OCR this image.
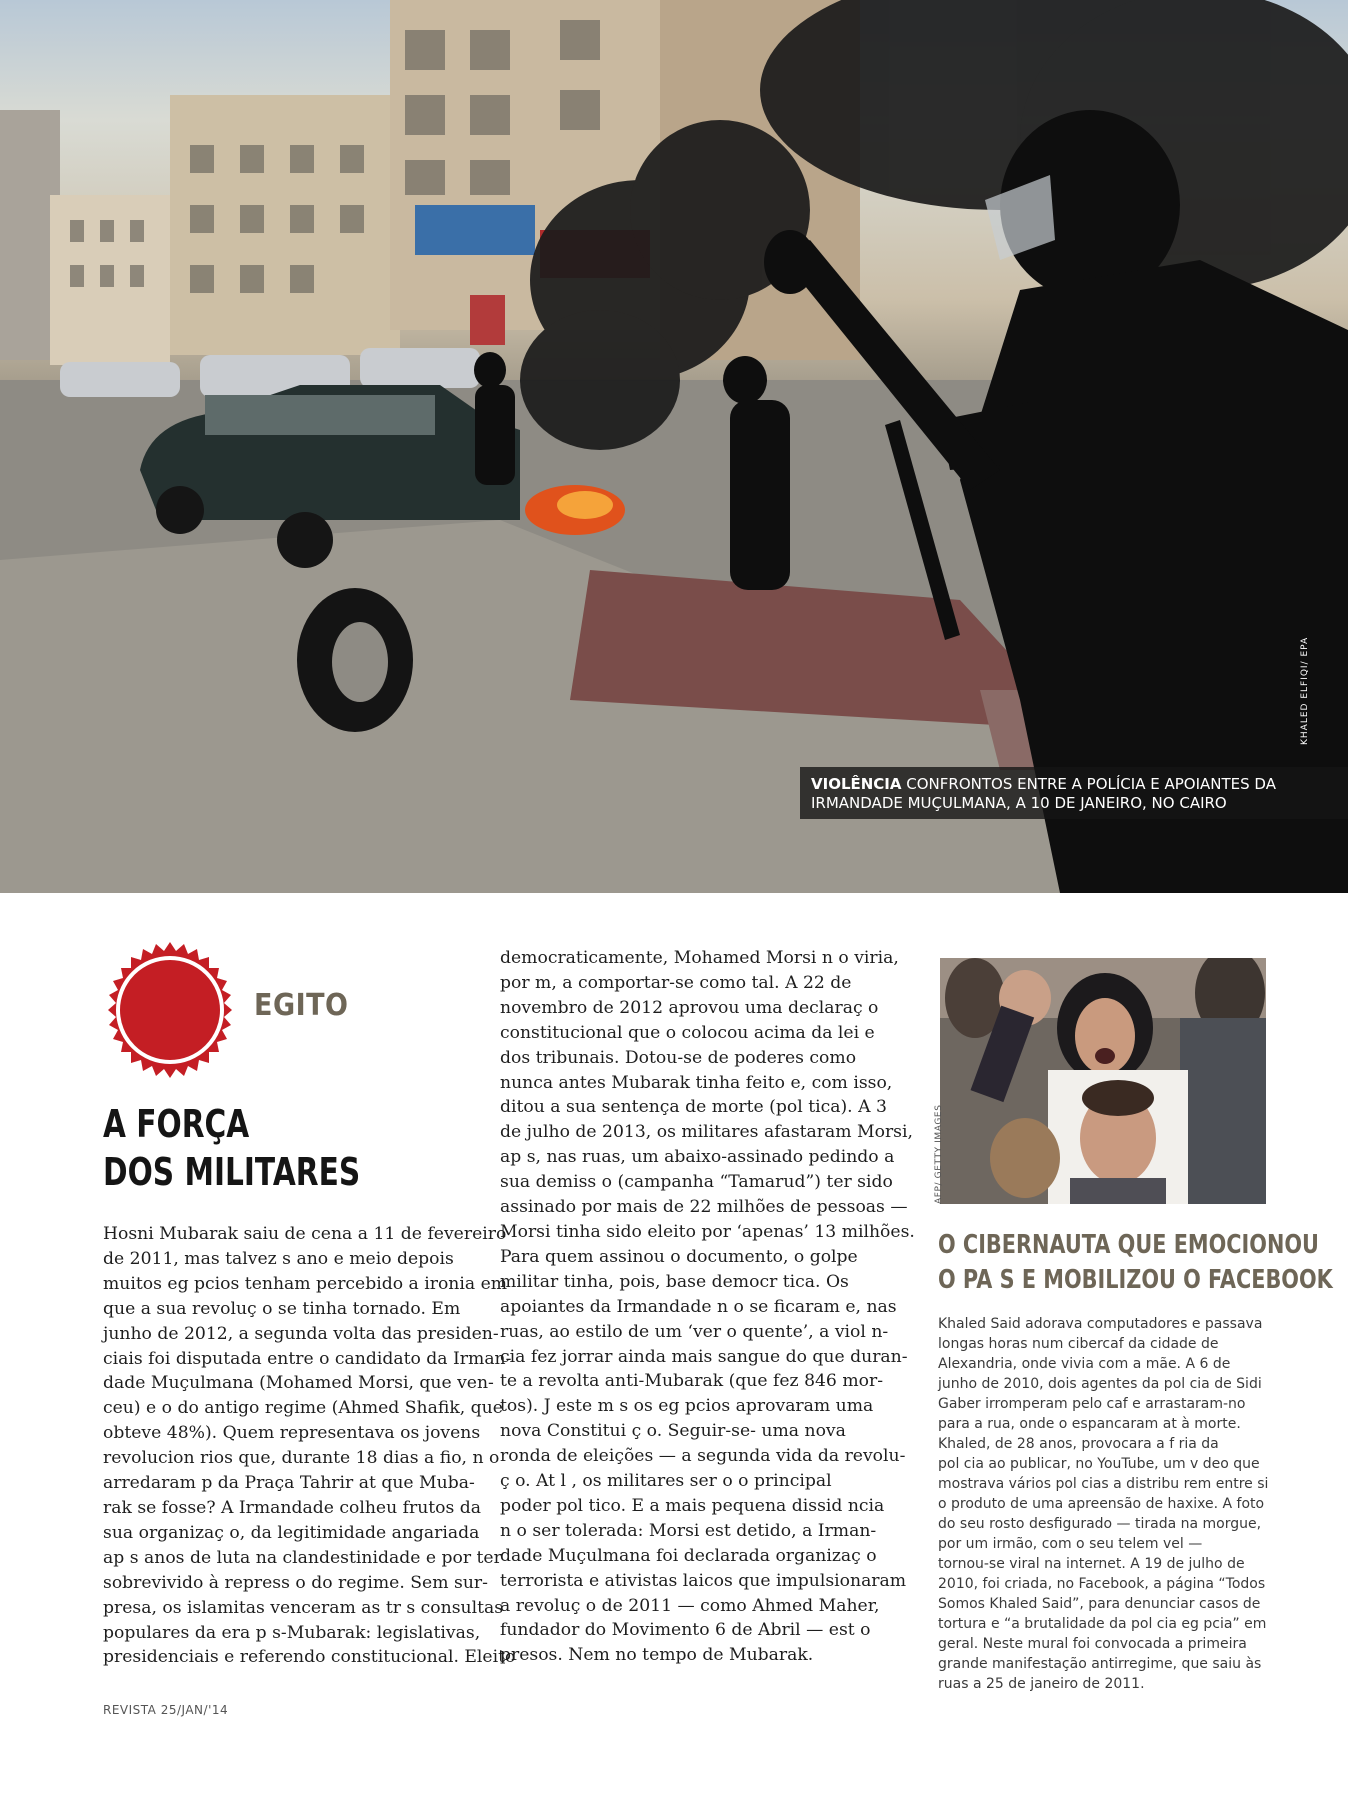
KHALED ELFIQI/ EPA
VIOLÊNCIA CONFRONTOS ENTRE A POLÍCIA E APOIANTES DA IRMANDADE MUÇULMANA, A 10 DE JANEIRO, NO CAIRO
EGITO
A FORÇA
DOS MILITARES
Hosni Mubarak saiu de cena a 11 de fevereiro
de 2011, mas talvez s ano e meio depois
muitos eg pcios tenham percebido a ironia em
que a sua revoluç o se tinha tornado. Em
junho de 2012, a segunda volta das presiden-
ciais foi disputada entre o candidato da Irman-
dade Muçulmana (Mohamed Morsi, que ven-
ceu) e o do antigo regime (Ahmed Shafik, que
obteve 48%). Quem representava os jovens
revolucion rios que, durante 18 dias a fio, n o
arredaram p da Praça Tahrir at que Muba-
rak se fosse? A Irmandade colheu frutos da
sua organizaç o, da legitimidade angariada
ap s anos de luta na clandestinidade e por ter
sobrevivido à repress o do regime. Sem sur-
presa, os islamitas venceram as tr s consultas
populares da era p s-Mubarak: legislativas,
presidenciais e referendo constitucional. Eleito
democraticamente, Mohamed Morsi n o viria,
por m, a comportar-se como tal. A 22 de
novembro de 2012 aprovou uma declaraç o
constitucional que o colocou acima da lei e
dos tribunais. Dotou-se de poderes como
nunca antes Mubarak tinha feito e, com isso,
ditou a sua sentença de morte (pol tica). A 3
de julho de 2013, os militares afastaram Morsi,
ap s, nas ruas, um abaixo-assinado pedindo a
sua demiss o (campanha “Tamarud”) ter sido
assinado por mais de 22 milhões de pessoas —
Morsi tinha sido eleito por ‘apenas’ 13 milhões.
Para quem assinou o documento, o golpe
militar tinha, pois, base democr tica. Os
apoiantes da Irmandade n o se ficaram e, nas
ruas, ao estilo de um ‘ver o quente’, a viol n-
cia fez jorrar ainda mais sangue do que duran-
te a revolta anti-Mubarak (que fez 846 mor-
tos). J este m s os eg pcios aprovaram uma
nova Constitui ç o. Seguir-se- uma nova
ronda de eleições — a segunda vida da revolu-
ç o. At l , os militares ser o o principal
poder pol tico. E a mais pequena dissid ncia
n o ser tolerada: Morsi est detido, a Irman-
dade Muçulmana foi declarada organizaç o
terrorista e ativistas laicos que impulsionaram
a revoluç o de 2011 — como Ahmed Maher,
fundador do Movimento 6 de Abril — est o
presos. Nem no tempo de Mubarak.
AFP/ GETTY IMAGES
O CIBERNAUTA QUE EMOCIONOU
O PA S E MOBILIZOU O FACEBOOK
Khaled Said adorava computadores e passava
longas horas num cibercaf da cidade de
Alexandria, onde vivia com a mãe. A 6 de
junho de 2010, dois agentes da pol cia de Sidi
Gaber irromperam pelo caf e arrastaram-no
para a rua, onde o espancaram at à morte.
Khaled, de 28 anos, provocara a f ria da
pol cia ao publicar, no YouTube, um v deo que
mostrava vários pol cias a distribu rem entre si
o produto de uma apreensão de haxixe. A foto
do seu rosto desfigurado — tirada na morgue,
por um irmão, com o seu telem vel —
tornou-se viral na internet. A 19 de julho de
2010, foi criada, no Facebook, a página “Todos
Somos Khaled Said”, para denunciar casos de
tortura e “a brutalidade da pol cia eg pcia” em
geral. Neste mural foi convocada a primeira
grande manifestação antirregime, que saiu às
ruas a 25 de janeiro de 2011.
REVISTA 25/JAN/'14
